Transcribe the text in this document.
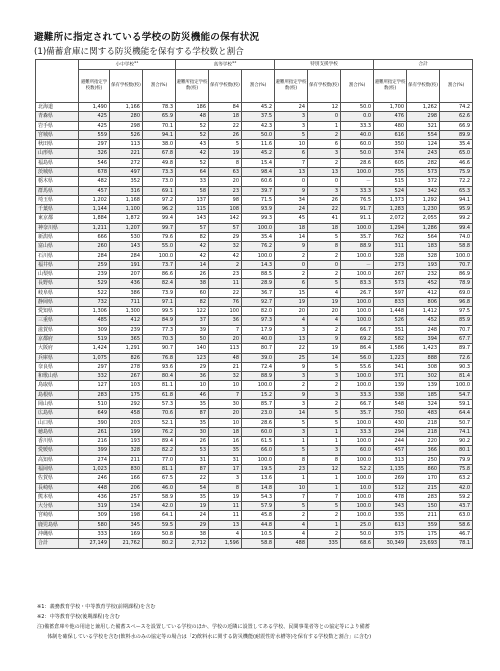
避難所に指定されている学校の防災機能の保有状況
(1)備蓄倉庫に関する防災機能を保有する学校数と割合
	小中学校$^{※1}$			高等学校$^{※2}$			特別支援学校			合計		
	避難所指定学校数(校)	保有学校数(校)	割合(%)	避難所指定学校数(校)	保有学校数(校)	割合(%)	避難所指定学校数(校)	保有学校数(校)	割合(%)	避難所指定学校数(校)	保有学校数(校)	割合(%)
北海道	1,490	1,166	78.3	186	84	45.2	24	12	50.0	1,700	1,262	74.2
青森県	425	280	65.9	48	18	37.5	3	0	0.0	476	298	62.6
岩手県	425	298	70.1	52	22	42.3	3	1	33.3	480	321	66.9
宮城県	559	526	94.1	52	26	50.0	5	2	40.0	616	554	89.9
秋田県	297	113	38.0	43	5	11.6	10	6	60.0	350	124	35.4
山形県	326	221	67.8	42	19	45.2	6	3	50.0	374	243	65.0
福島県	546	272	49.8	52	8	15.4	7	2	28.6	605	282	46.6
茨城県	678	497	73.3	64	63	98.4	13	13	100.0	755	573	75.9
栃木県	482	352	73.0	33	20	60.6	0	0	－	515	372	72.2
群馬県	457	316	69.1	58	23	39.7	9	3	33.3	524	342	65.3
埼玉県	1,202	1,168	97.2	137	98	71.5	34	26	76.5	1,373	1,292	94.1
千葉県	1,144	1,100	96.2	115	108	93.9	24	22	91.7	1,283	1,230	95.9
東京都	1,884	1,872	99.4	143	142	99.3	45	41	91.1	2,072	2,055	99.2
神奈川県	1,211	1,207	99.7	57	57	100.0	18	18	100.0	1,294	1,286	99.4
新潟県	666	530	79.6	82	29	35.4	14	5	35.7	762	564	74.0
富山県	260	143	55.0	42	32	76.2	9	8	88.9	311	183	58.8
石川県	284	284	100.0	42	42	100.0	2	2	100.0	328	328	100.0
福井県	259	191	73.7	14	2	14.3	0	0	－	273	193	70.7
山梨県	239	207	86.6	26	23	88.5	2	2	100.0	267	232	86.9
長野県	529	436	82.4	38	11	28.9	6	5	83.3	573	452	78.9
岐阜県	522	386	73.9	60	22	36.7	15	4	26.7	597	412	69.0
静岡県	732	711	97.1	82	76	92.7	19	19	100.0	833	806	96.8
愛知県	1,306	1,300	99.5	122	100	82.0	20	20	100.0	1,448	1,412	97.5
三重県	485	412	84.9	37	36	97.3	4	4	100.0	526	452	85.9
滋賀県	309	239	77.3	39	7	17.9	3	2	66.7	351	248	70.7
京都府	519	365	70.3	50	20	40.0	13	9	69.2	582	394	67.7
大阪府	1,424	1,291	90.7	140	113	80.7	22	19	86.4	1,586	1,423	89.7
兵庫県	1,075	826	76.8	123	48	39.0	25	14	56.0	1,223	888	72.6
奈良県	297	278	93.6	29	21	72.4	9	5	55.6	341	308	90.3
和歌山県	332	267	80.4	36	32	88.9	3	3	100.0	371	302	81.4
鳥取県	127	103	81.1	10	10	100.0	2	2	100.0	139	139	100.0
島根県	283	175	61.8	46	7	15.2	9	3	33.3	338	185	54.7
岡山県	510	292	57.3	35	30	85.7	3	2	66.7	548	324	59.1
広島県	649	458	70.6	87	20	23.0	14	5	35.7	750	483	64.4
山口県	390	203	52.1	35	10	28.6	5	5	100.0	430	218	50.7
徳島県	261	199	76.2	30	18	60.0	3	1	33.3	294	218	74.1
香川県	216	193	89.4	26	16	61.5	1	1	100.0	244	220	90.2
愛媛県	399	328	82.2	53	35	66.0	5	3	60.0	457	366	80.1
高知県	274	211	77.0	31	31	100.0	8	8	100.0	313	250	79.9
福岡県	1,023	830	81.1	87	17	19.5	23	12	52.2	1,135	860	75.8
佐賀県	246	166	67.5	22	3	13.6	1	1	100.0	269	170	63.2
長崎県	448	206	46.0	54	8	14.8	10	1	10.0	512	215	42.0
熊本県	436	257	58.9	35	19	54.3	7	7	100.0	478	283	59.2
大分県	319	134	42.0	19	11	57.9	5	5	100.0	343	150	43.7
宮崎県	309	198	64.1	24	11	45.8	2	2	100.0	335	211	63.0
鹿児島県	580	345	59.5	29	13	44.8	4	1	25.0	613	359	58.6
沖縄県	333	169	50.8	38	4	10.5	4	2	50.0	375	175	46.7
合計	27,149	21,762	80.2	2,712	1,596	58.8	488	335	68.6	30,349	23,693	78.1
※1：義務教育学校・中等教育学校(前期課程)を含む
※2：中等教育学校(後期課程)を含む
注)備蓄倉庫や他の用途と兼用した備蓄スペースを設置している学校のほか、学校の近隣に設置してある学校、民間事業者等との協定等により備蓄
　　体制を確保している学校を含む(飲料水のみの協定等の場合は「2)飲料水に関する防災機能(耐震性貯水槽等)を保有する学校数と割合」に含む)
